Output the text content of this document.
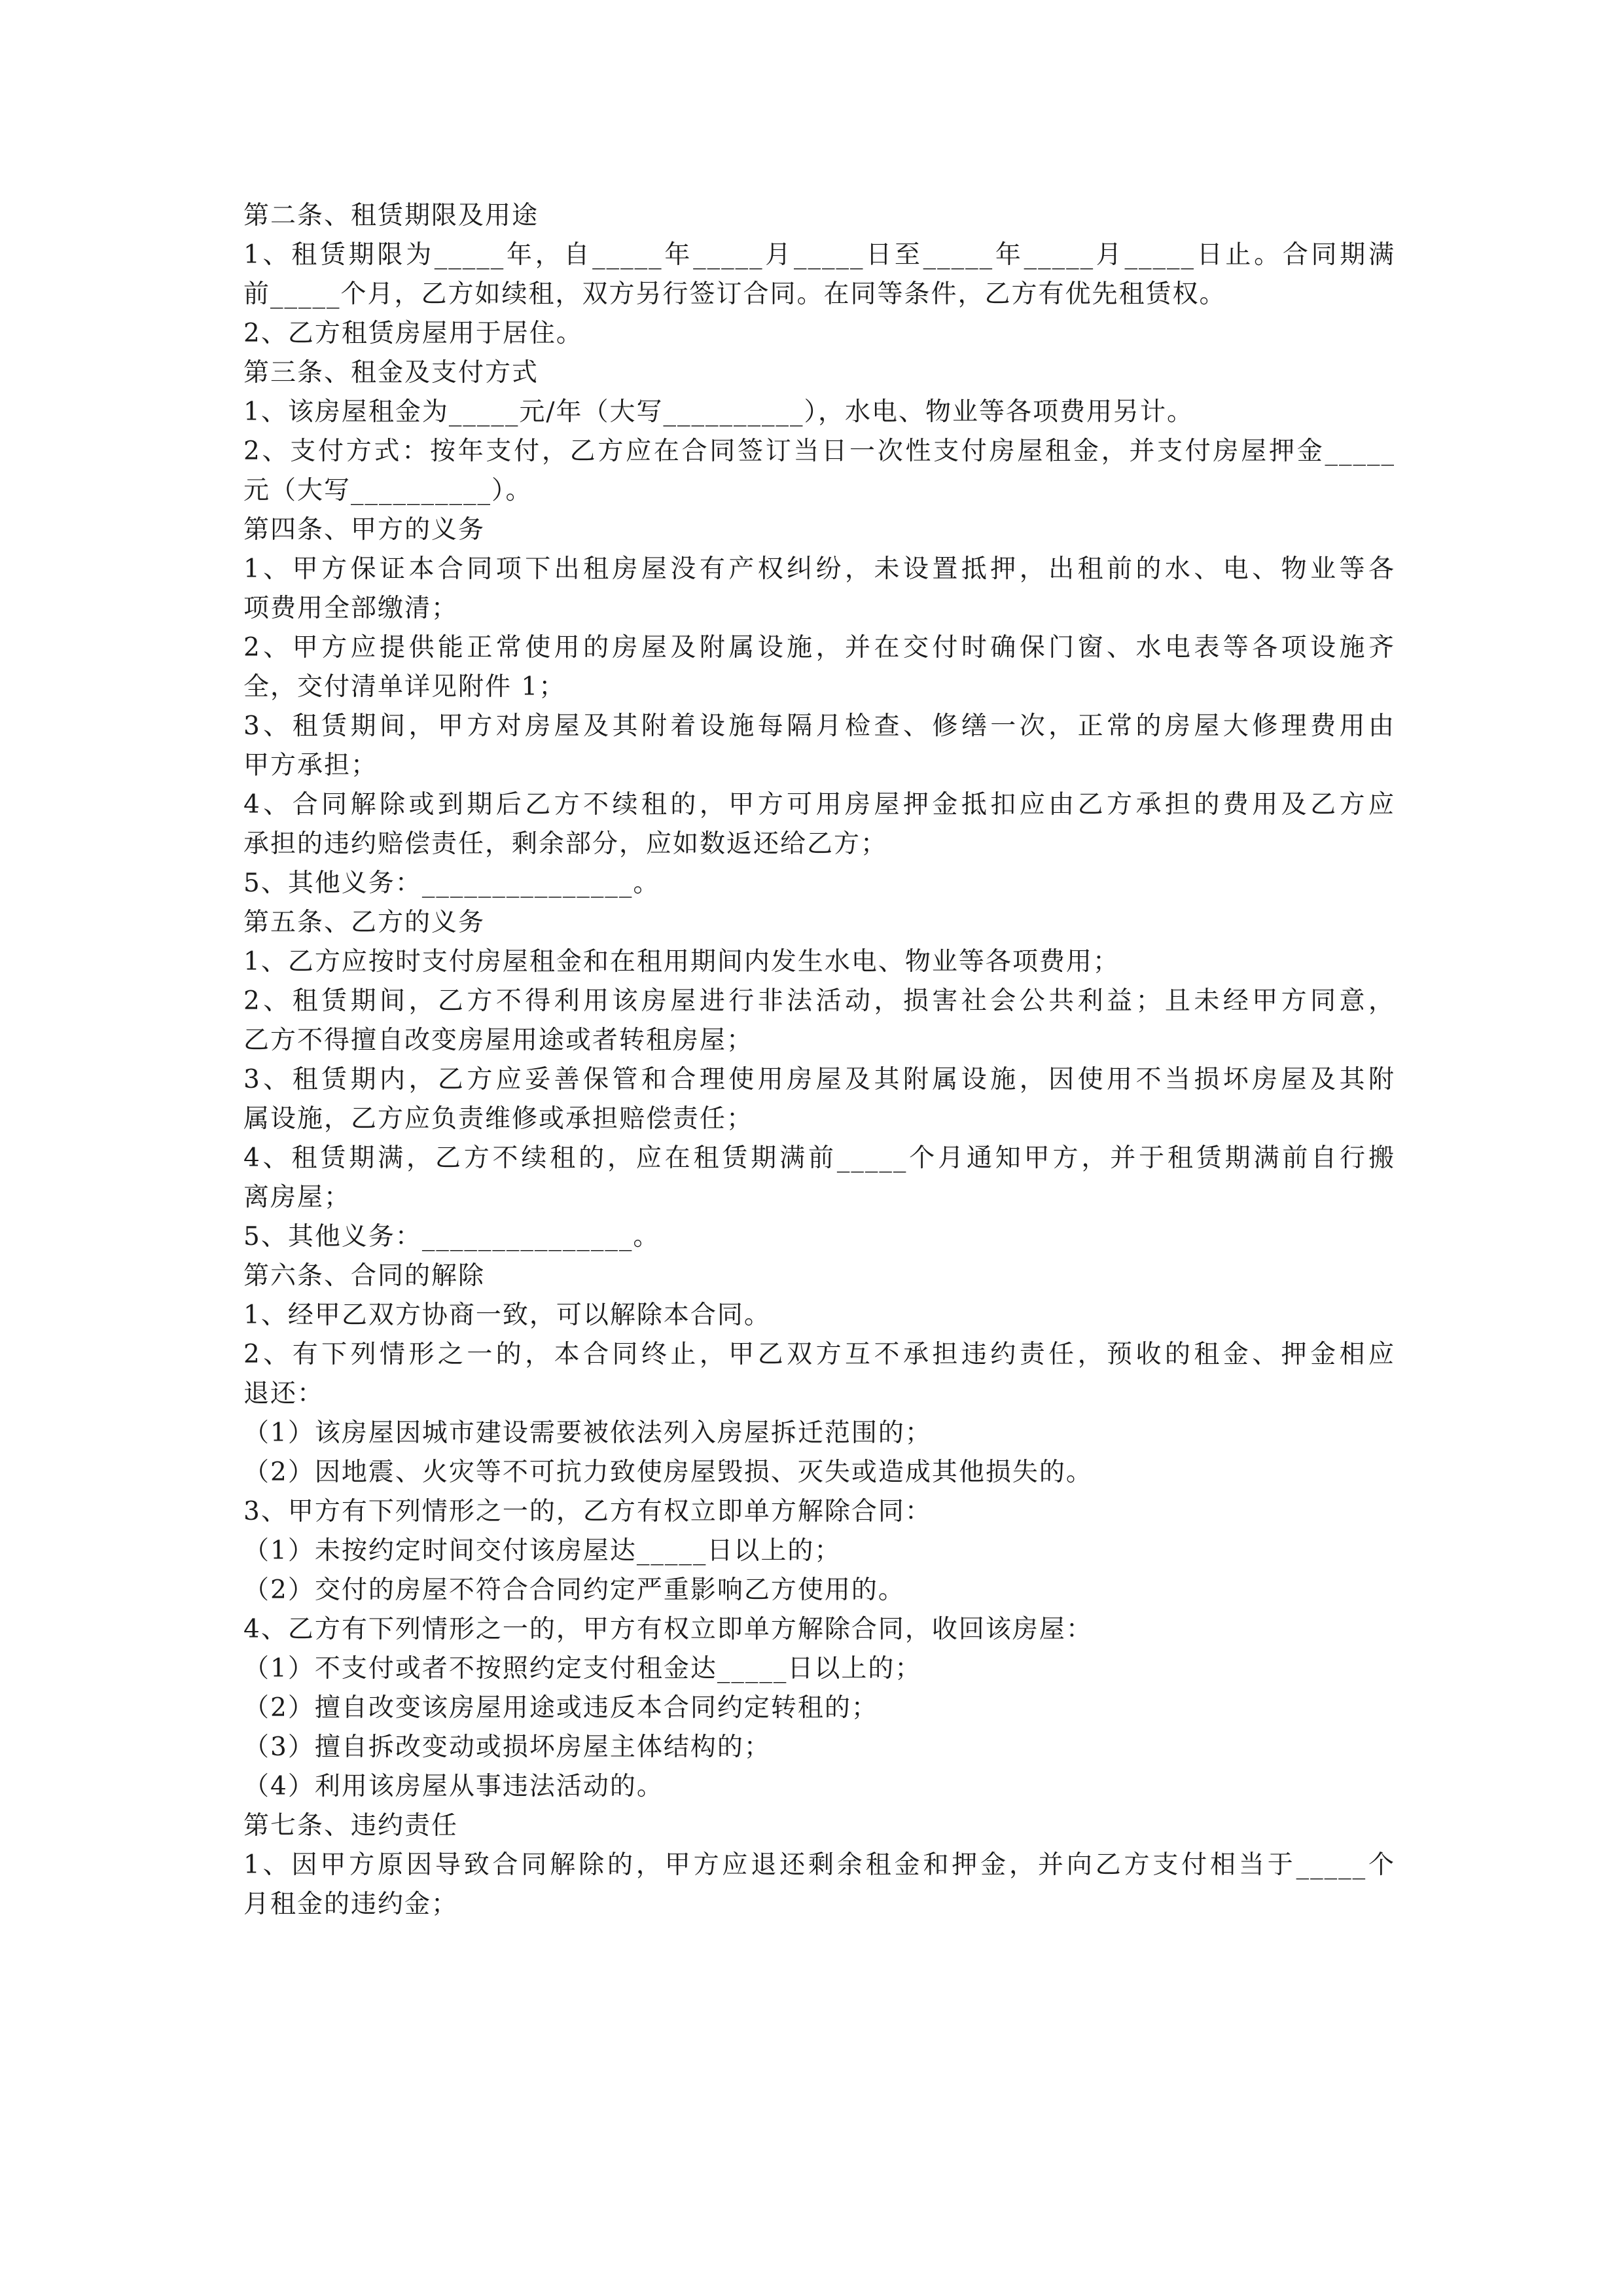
第二条、租赁期限及用途

1、租赁期限为_____年，自_____年_____月_____日至_____年_____月_____日止。合同期满

前_____个月，乙方如续租，双方另行签订合同。在同等条件，乙方有优先租赁权。

2、乙方租赁房屋用于居住。

第三条、租金及支付方式

1、该房屋租金为_____元/年（大写__________），水电、物业等各项费用另计。

2、支付方式：按年支付，乙方应在合同签订当日一次性支付房屋租金，并支付房屋押金_____

元（大写__________）。

第四条、甲方的义务

1、甲方保证本合同项下出租房屋没有产权纠纷，未设置抵押，出租前的水、电、物业等各

项费用全部缴清；

2、甲方应提供能正常使用的房屋及附属设施，并在交付时确保门窗、水电表等各项设施齐

全，交付清单详见附件 1；

3、租赁期间，甲方对房屋及其附着设施每隔月检查、修缮一次，正常的房屋大修理费用由

甲方承担；

4、合同解除或到期后乙方不续租的，甲方可用房屋押金抵扣应由乙方承担的费用及乙方应

承担的违约赔偿责任，剩余部分，应如数返还给乙方；

5、其他义务：_______________。

第五条、乙方的义务

1、乙方应按时支付房屋租金和在租用期间内发生水电、物业等各项费用；

2、租赁期间，乙方不得利用该房屋进行非法活动，损害社会公共利益；且未经甲方同意，

乙方不得擅自改变房屋用途或者转租房屋；

3、租赁期内，乙方应妥善保管和合理使用房屋及其附属设施，因使用不当损坏房屋及其附

属设施，乙方应负责维修或承担赔偿责任；

4、租赁期满，乙方不续租的，应在租赁期满前_____个月通知甲方，并于租赁期满前自行搬

离房屋；

5、其他义务：_______________。

第六条、合同的解除

1、经甲乙双方协商一致，可以解除本合同。

2、有下列情形之一的，本合同终止，甲乙双方互不承担违约责任，预收的租金、押金相应

退还：

（1）该房屋因城市建设需要被依法列入房屋拆迁范围的；

（2）因地震、火灾等不可抗力致使房屋毁损、灭失或造成其他损失的。

3、甲方有下列情形之一的，乙方有权立即单方解除合同：

（1）未按约定时间交付该房屋达_____日以上的；

（2）交付的房屋不符合合同约定严重影响乙方使用的。

4、乙方有下列情形之一的，甲方有权立即单方解除合同，收回该房屋：

（1）不支付或者不按照约定支付租金达_____日以上的；

（2）擅自改变该房屋用途或违反本合同约定转租的；

（3）擅自拆改变动或损坏房屋主体结构的；

（4）利用该房屋从事违法活动的。

第七条、违约责任

1、因甲方原因导致合同解除的，甲方应退还剩余租金和押金，并向乙方支付相当于_____个

月租金的违约金；
